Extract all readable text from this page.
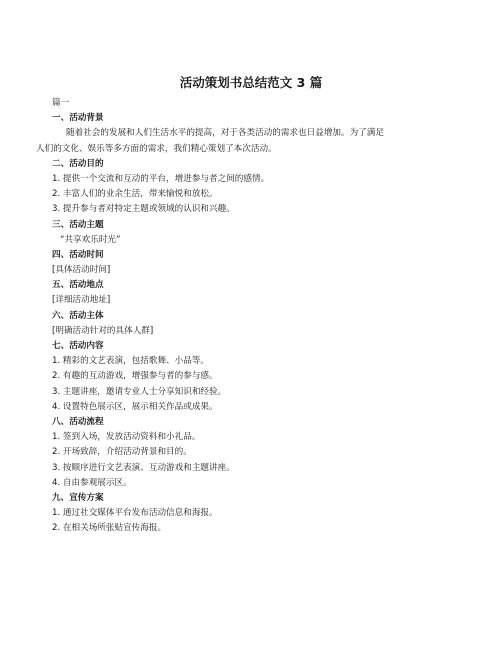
活动策划书总结范文 3 篇
篇一
一、活动背景
随着社会的发展和人们生活水平的提高，对于各类活动的需求也日益增加。为了满足
人们的文化、娱乐等多方面的需求，我们精心策划了本次活动。
二、活动目的
1. 提供一个交流和互动的平台，增进参与者之间的感情。
2. 丰富人们的业余生活，带来愉悦和放松。
3. 提升参与者对特定主题或领域的认识和兴趣。
三、活动主题
“共享欢乐时光”
四、活动时间
[具体活动时间]
五、活动地点
[详细活动地址]
六、活动主体
[明确活动针对的具体人群]
七、活动内容
1. 精彩的文艺表演，包括歌舞、小品等。
2. 有趣的互动游戏，增强参与者的参与感。
3. 主题讲座，邀请专业人士分享知识和经验。
4. 设置特色展示区，展示相关作品或成果。
八、活动流程
1. 签到入场，发放活动资料和小礼品。
2. 开场致辞，介绍活动背景和目的。
3. 按顺序进行文艺表演、互动游戏和主题讲座。
4. 自由参观展示区。
九、宣传方案
1. 通过社交媒体平台发布活动信息和海报。
2. 在相关场所张贴宣传海报。
